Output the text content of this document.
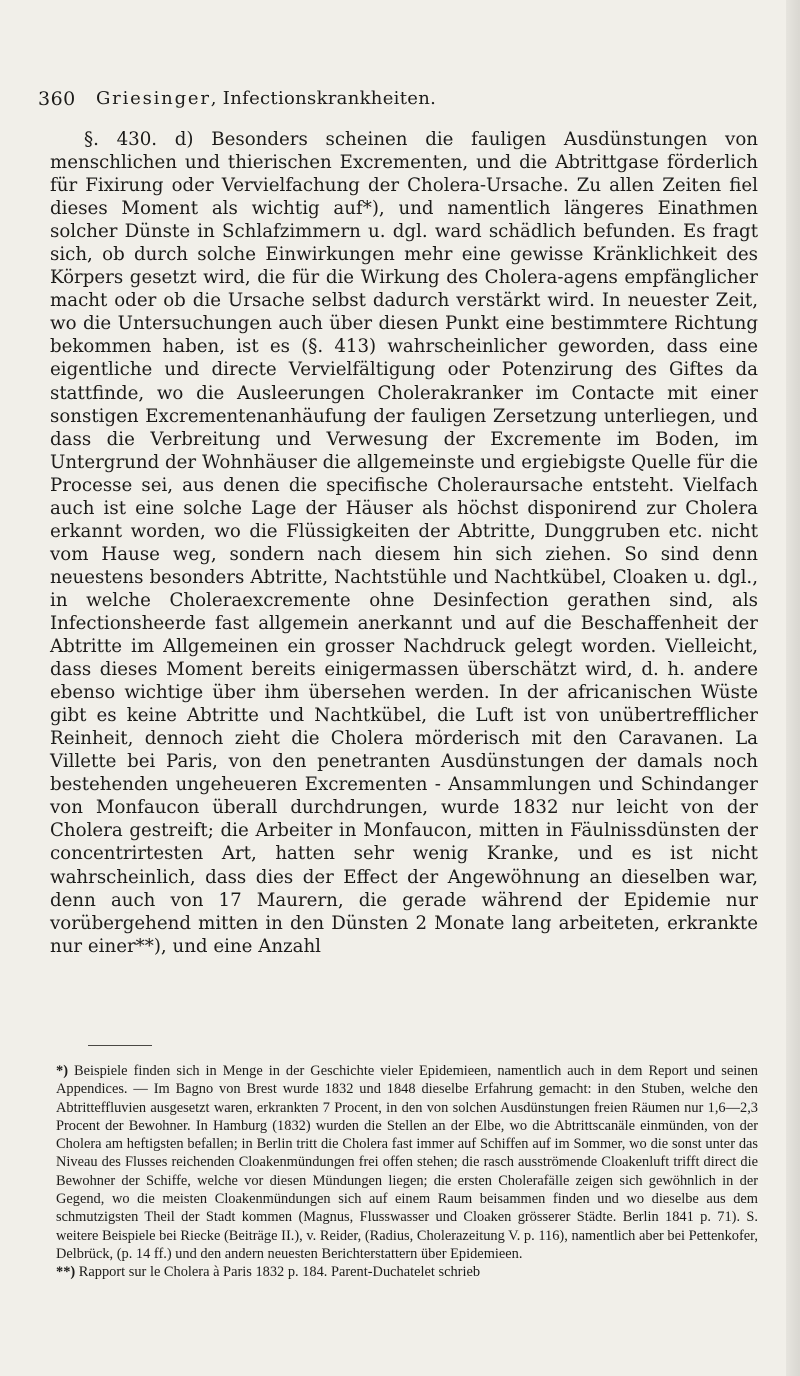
360 Griesinger, Infectionskrankheiten.

§. 430. d) Besonders scheinen die fauligen Ausdünstungen von menschlichen und thierischen Excrementen, und die Abtrittgase förderlich für Fixirung oder Vervielfachung der Cholera-Ursache. Zu allen Zeiten fiel dieses Moment als wichtig auf*), und namentlich längeres Einathmen solcher Dünste in Schlafzimmern u. dgl. ward schädlich befunden. Es fragt sich, ob durch solche Einwirkungen mehr eine gewisse Kränklichkeit des Körpers gesetzt wird, die für die Wirkung des Cholera-agens empfänglicher macht oder ob die Ursache selbst dadurch verstärkt wird. In neuester Zeit, wo die Untersuchungen auch über diesen Punkt eine bestimmtere Richtung bekommen haben, ist es (§. 413) wahrscheinlicher geworden, dass eine eigentliche und directe Vervielfältigung oder Potenzirung des Giftes da stattfinde, wo die Ausleerungen Cholerakranker im Contacte mit einer sonstigen Excrementenanhäufung der fauligen Zersetzung unterliegen, und dass die Verbreitung und Verwesung der Excremente im Boden, im Untergrund der Wohnhäuser die allgemeinste und ergiebigste Quelle für die Processe sei, aus denen die specifische Choleraursache entsteht. Vielfach auch ist eine solche Lage der Häuser als höchst disponirend zur Cholera erkannt worden, wo die Flüssigkeiten der Abtritte, Dunggruben etc. nicht vom Hause weg, sondern nach diesem hin sich ziehen. So sind denn neuestens besonders Abtritte, Nachtstühle und Nachtkübel, Cloaken u. dgl., in welche Choleraexcremente ohne Desinfection gerathen sind, als Infectionsheerde fast allgemein anerkannt und auf die Beschaffenheit der Abtritte im Allgemeinen ein grosser Nachdruck gelegt worden. Vielleicht, dass dieses Moment bereits einigermassen überschätzt wird, d. h. andere ebenso wichtige über ihm übersehen werden. In der africanischen Wüste gibt es keine Abtritte und Nachtkübel, die Luft ist von unübertrefflicher Reinheit, dennoch zieht die Cholera mörderisch mit den Caravanen. La Villette bei Paris, von den penetranten Ausdünstungen der damals noch bestehenden ungeheueren Excrementen - Ansammlungen und Schindanger von Monfaucon überall durchdrungen, wurde 1832 nur leicht von der Cholera gestreift; die Arbeiter in Monfaucon, mitten in Fäulnissdünsten der concentrirtesten Art, hatten sehr wenig Kranke, und es ist nicht wahrscheinlich, dass dies der Effect der Angewöhnung an dieselben war, denn auch von 17 Maurern, die gerade während der Epidemie nur vorübergehend mitten in den Dünsten 2 Monate lang arbeiteten, erkrankte nur einer**), und eine Anzahl

*) Beispiele finden sich in Menge in der Geschichte vieler Epidemieen, namentlich auch in dem Report und seinen Appendices. — Im Bagno von Brest wurde 1832 und 1848 dieselbe Erfahrung gemacht: in den Stuben, welche den Abtritteffluvien ausgesetzt waren, erkrankten 7 Procent, in den von solchen Ausdünstungen freien Räumen nur 1,6—2,3 Procent der Bewohner. In Hamburg (1832) wurden die Stellen an der Elbe, wo die Abtrittscanäle einmünden, von der Cholera am heftigsten befallen; in Berlin tritt die Cholera fast immer auf Schiffen auf im Sommer, wo die sonst unter das Niveau des Flusses reichenden Cloakenmündungen frei offen stehen; die rasch ausströmende Cloakenluft trifft direct die Bewohner der Schiffe, welche vor diesen Mündungen liegen; die ersten Cholerafälle zeigen sich gewöhnlich in der Gegend, wo die meisten Cloakenmündungen sich auf einem Raum beisammen finden und wo dieselbe aus dem schmutzigsten Theil der Stadt kommen (Magnus, Flusswasser und Cloaken grösserer Städte. Berlin 1841 p. 71). S. weitere Beispiele bei Riecke (Beiträge II.), v. Reider, (Radius, Cholerazeitung V. p. 116), namentlich aber bei Pettenkofer, Delbrück, (p. 14 ff.) und den andern neuesten Berichterstattern über Epidemieen.

**) Rapport sur le Cholera à Paris 1832 p. 184. Parent-Duchatelet schrieb
